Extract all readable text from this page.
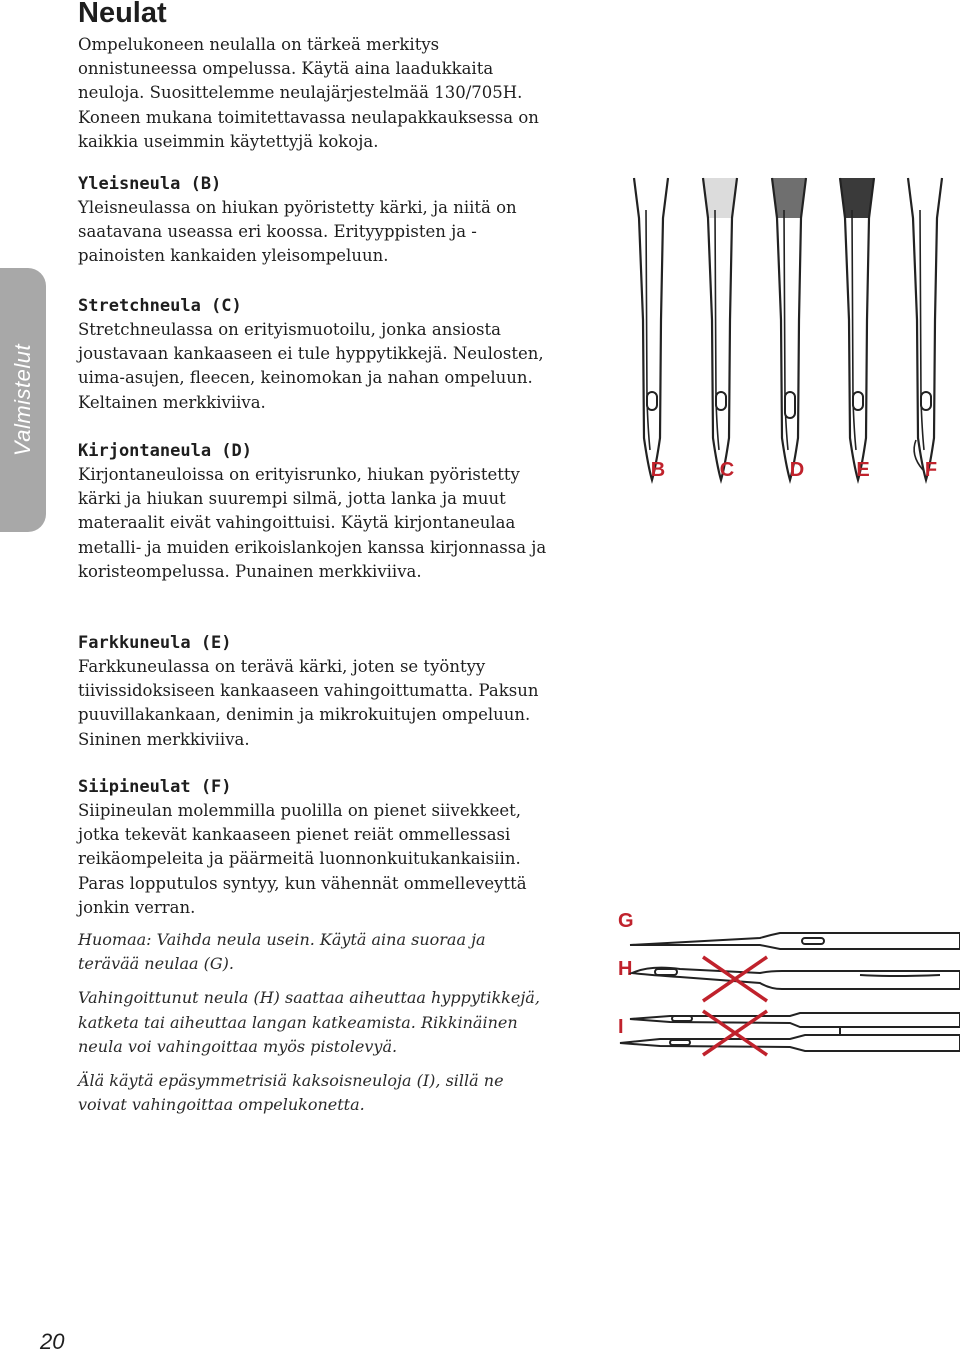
Valmistelut
Neulat

Ompelukoneen neulalla on tärkeä merkitys onnistuneessa ompelussa. Käytä aina laadukkaita neuloja. Suosittelemme neulajärjestelmää 130/705H. Koneen mukana toimitettavassa neulapakkauksessa on kaikkia useimmin käytettyjä kokoja.

Yleisneula (B)

Yleisneulassa on hiukan pyöristetty kärki, ja niitä on saatavana useassa eri koossa. Erityyppisten ja -painoisten kankaiden yleisompeluun.

Stretchneula (C)

Stretchneulassa on erityismuotoilu, jonka ansiosta joustavaan kankaaseen ei tule hyppytikkejä. Neulosten, uima-asujen, fleecen, keinomokan ja nahan ompeluun. Keltainen merkkiviiva.

Kirjontaneula (D)

Kirjontaneuloissa on erityisrunko, hiukan pyöristetty kärki ja hiukan suurempi silmä, jotta lanka ja muut materaalit eivät vahingoittuisi. Käytä kirjontaneulaa metalli- ja muiden erikoislankojen kanssa kirjonnassa ja koristeompelussa. Punainen merkkiviiva.

Farkkuneula (E)

Farkkuneulassa on terävä kärki, joten se työntyy tiivissidoksiseen kankaaseen vahingoittumatta. Paksun puuvillakankaan, denimin ja mikrokuitujen ompeluun. Sininen merkkiviiva.

Siipineulat (F)

Siipineulan molemmilla puolilla on pienet siivekkeet, jotka tekevät kankaaseen pienet reiät ommellessasi reikäompeleita ja päärmeitä luonnonkuitukankaisiin. Paras lopputulos syntyy, kun vähennät ommelleveyttä jonkin verran.

Huomaa: Vaihda neula usein. Käytä aina suoraa ja terävää neulaa (G).

Vahingoittunut neula (H) saattaa aiheuttaa hyppytikkejä, katketa tai aiheuttaa langan katkeamista. Rikkinäinen neula voi vahingoittaa myös pistolevyä.

Älä käytä epäsymmetrisiä kaksoisneuloja (I), sillä ne voivat vahingoittaa ompelukonetta.

B	C	D	E	F
G
H
I

20
